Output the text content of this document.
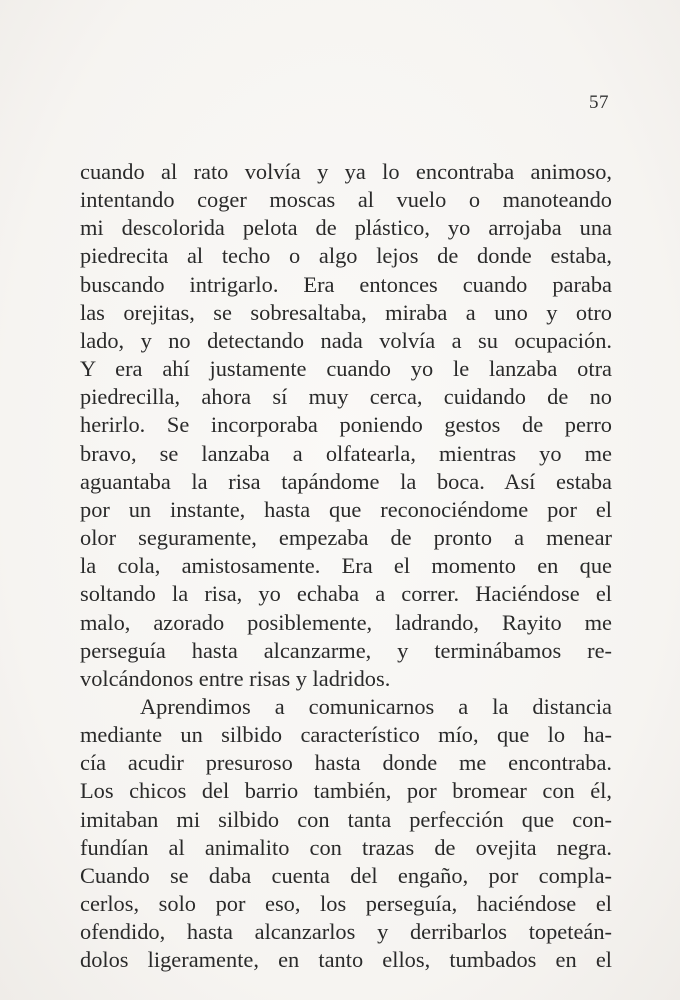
57
cuando al rato volvía y ya lo encontraba animoso,
intentando coger moscas al vuelo o manoteando
mi descolorida pelota de plástico, yo arrojaba una
piedrecita al techo o algo lejos de donde estaba,
buscando intrigarlo. Era entonces cuando paraba
las orejitas, se sobresaltaba, miraba a uno y otro
lado, y no detectando nada volvía a su ocupación.
Y era ahí justamente cuando yo le lanzaba otra
piedrecilla, ahora sí muy cerca, cuidando de no
herirlo. Se incorporaba poniendo gestos de perro
bravo, se lanzaba a olfatearla, mientras yo me
aguantaba la risa tapándome la boca. Así estaba
por un instante, hasta que reconociéndome por el
olor seguramente, empezaba de pronto a menear
la cola, amistosamente. Era el momento en que
soltando la risa, yo echaba a correr. Haciéndose el
malo, azorado posiblemente, ladrando, Rayito me
perseguía hasta alcanzarme, y terminábamos re-
volcándonos entre risas y ladridos.
Aprendimos a comunicarnos a la distancia
mediante un silbido característico mío, que lo ha-
cía acudir presuroso hasta donde me encontraba.
Los chicos del barrio también, por bromear con él,
imitaban mi silbido con tanta perfección que con-
fundían al animalito con trazas de ovejita negra.
Cuando se daba cuenta del engaño, por compla-
cerlos, solo por eso, los perseguía, haciéndose el
ofendido, hasta alcanzarlos y derribarlos topeteán-
dolos ligeramente, en tanto ellos, tumbados en el
